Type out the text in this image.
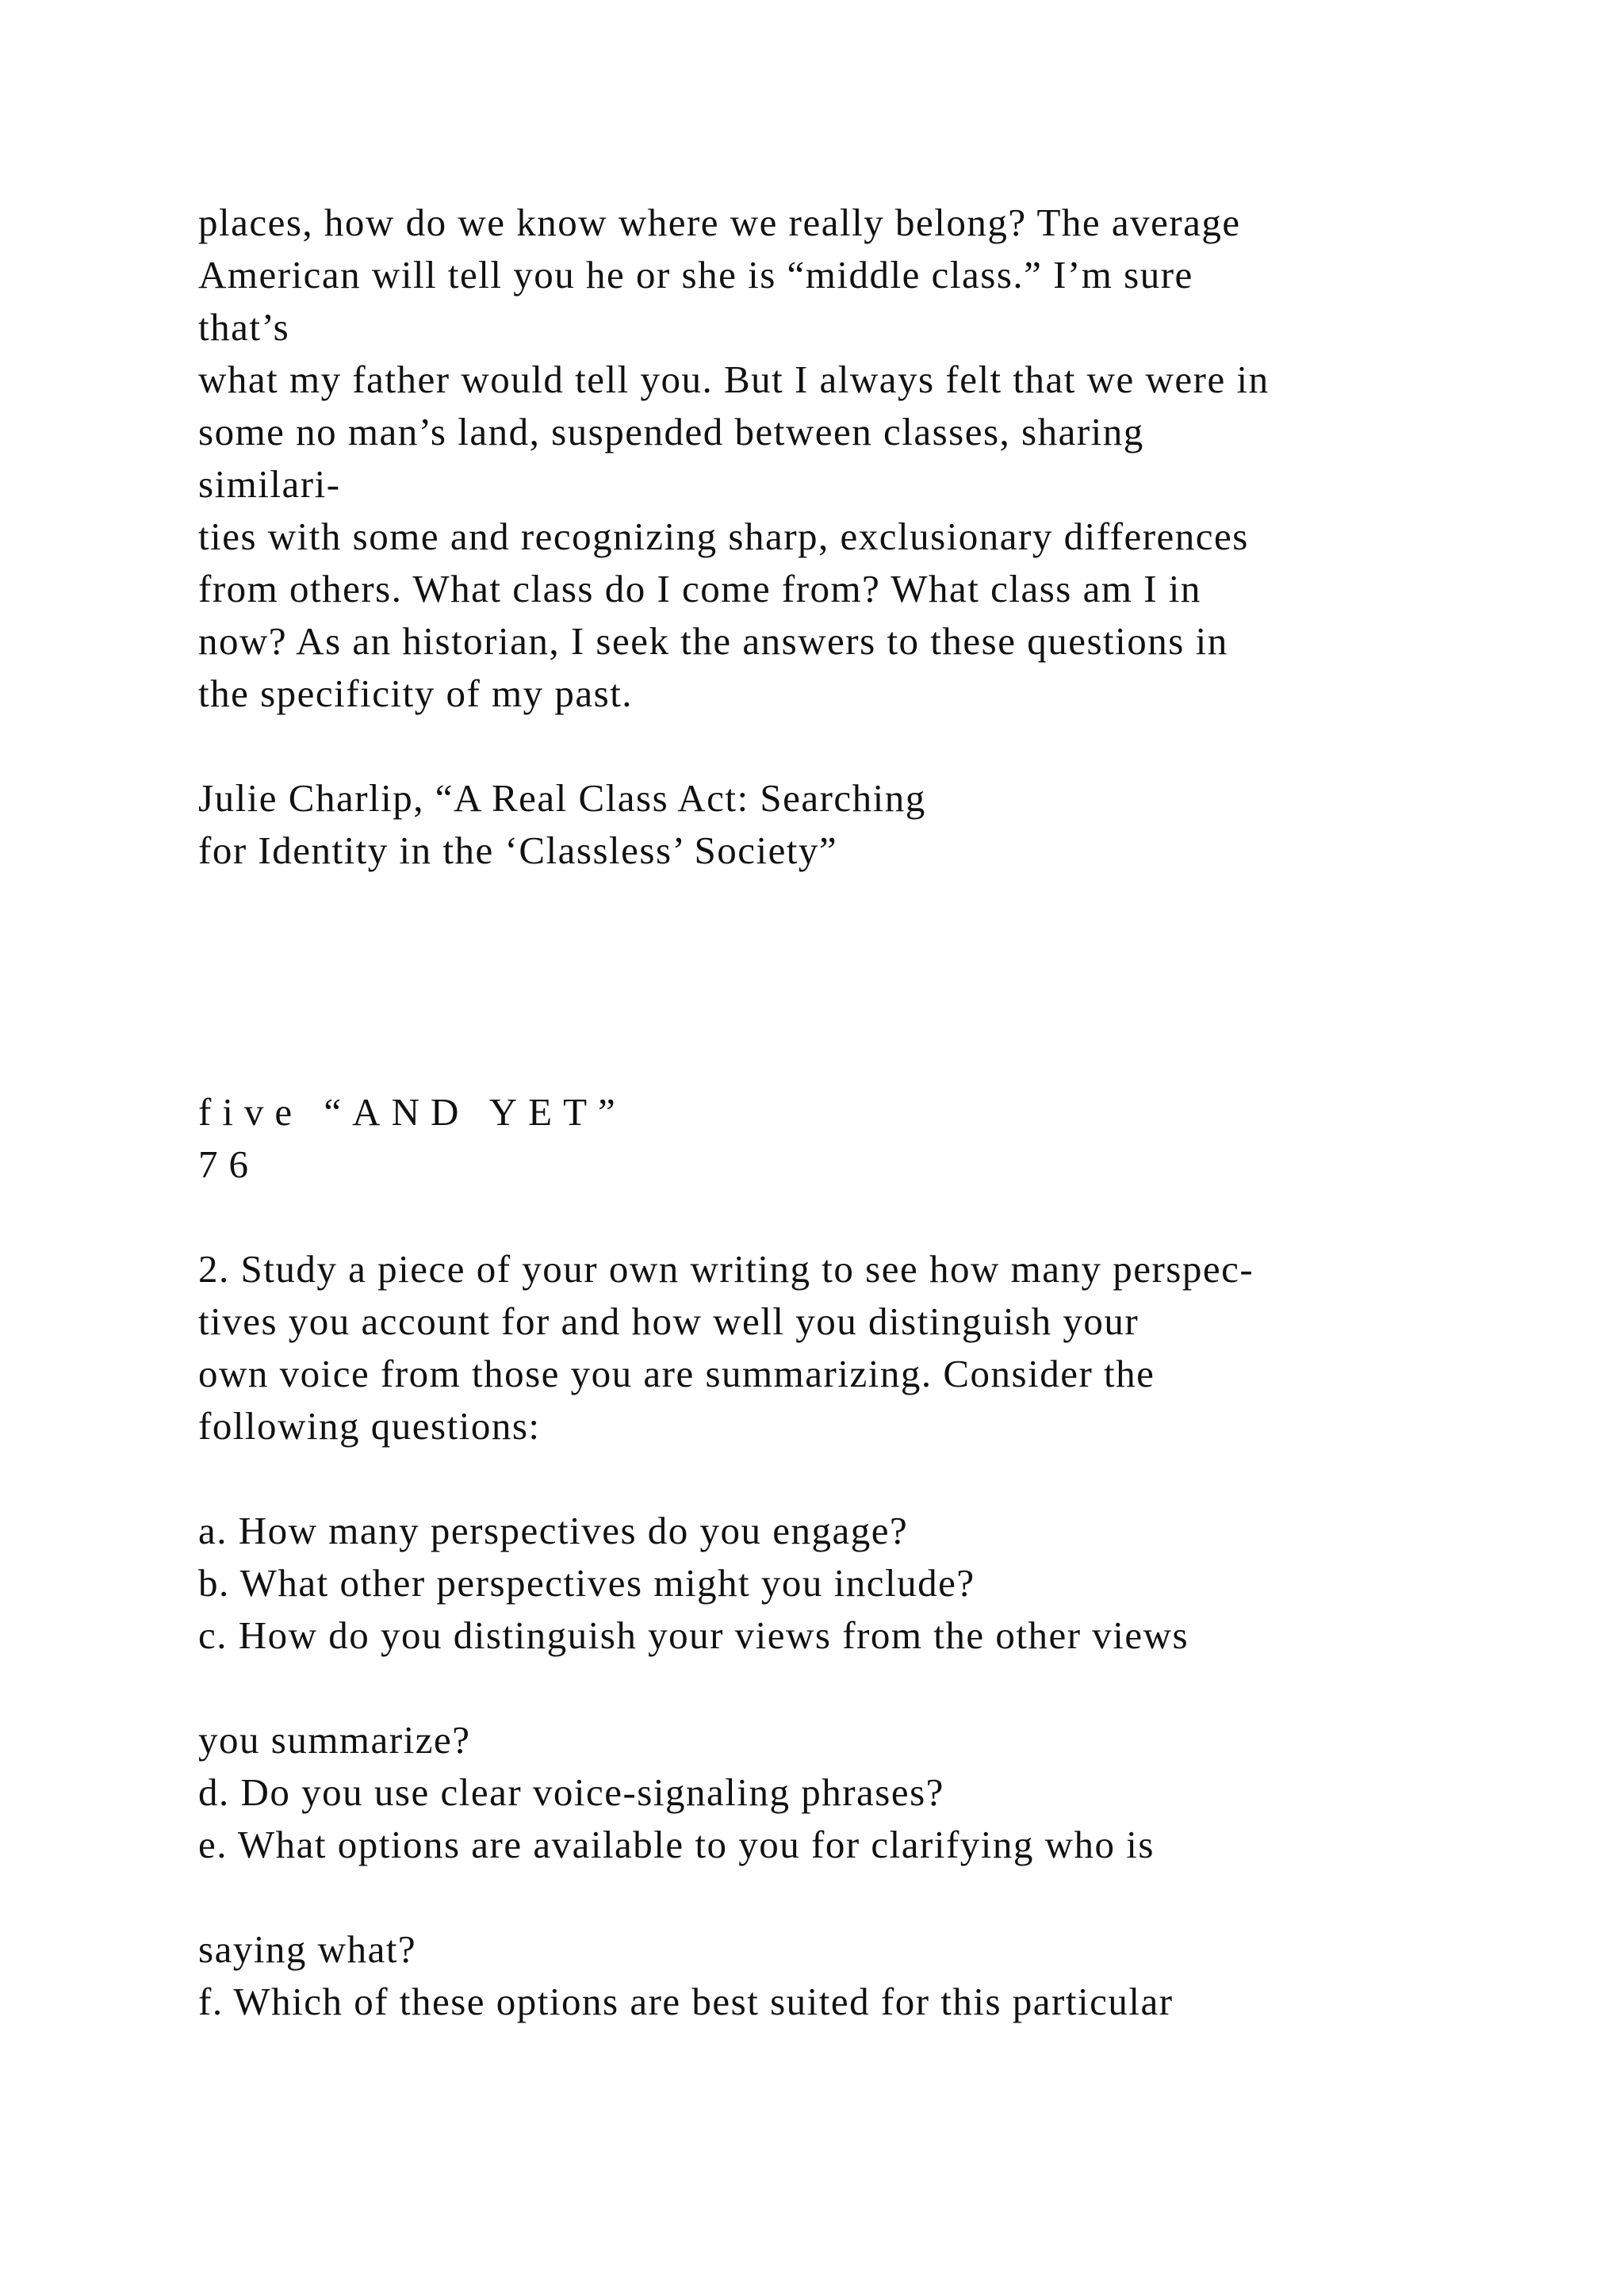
places, how do we know where we really belong? The average
American will tell you he or she is “middle class.” I’m sure
that’s
what my father would tell you. But I always felt that we were in
some no man’s land, suspended between classes, sharing
similari-
ties with some and recognizing sharp, exclusionary differences
from others. What class do I come from? What class am I in
now? As an historian, I seek the answers to these questions in
the specificity of my past.
Julie Charlip, “A Real Class Act: Searching
for Identity in the ‘Classless’ Society”
five “AND YET”
76
2. Study a piece of your own writing to see how many perspec-
tives you account for and how well you distinguish your
own voice from those you are summarizing. Consider the
following questions:
a. How many perspectives do you engage?
b. What other perspectives might you include?
c. How do you distinguish your views from the other views
you summarize?
d. Do you use clear voice-signaling phrases?
e. What options are available to you for clarifying who is
saying what?
f. Which of these options are best suited for this particular
